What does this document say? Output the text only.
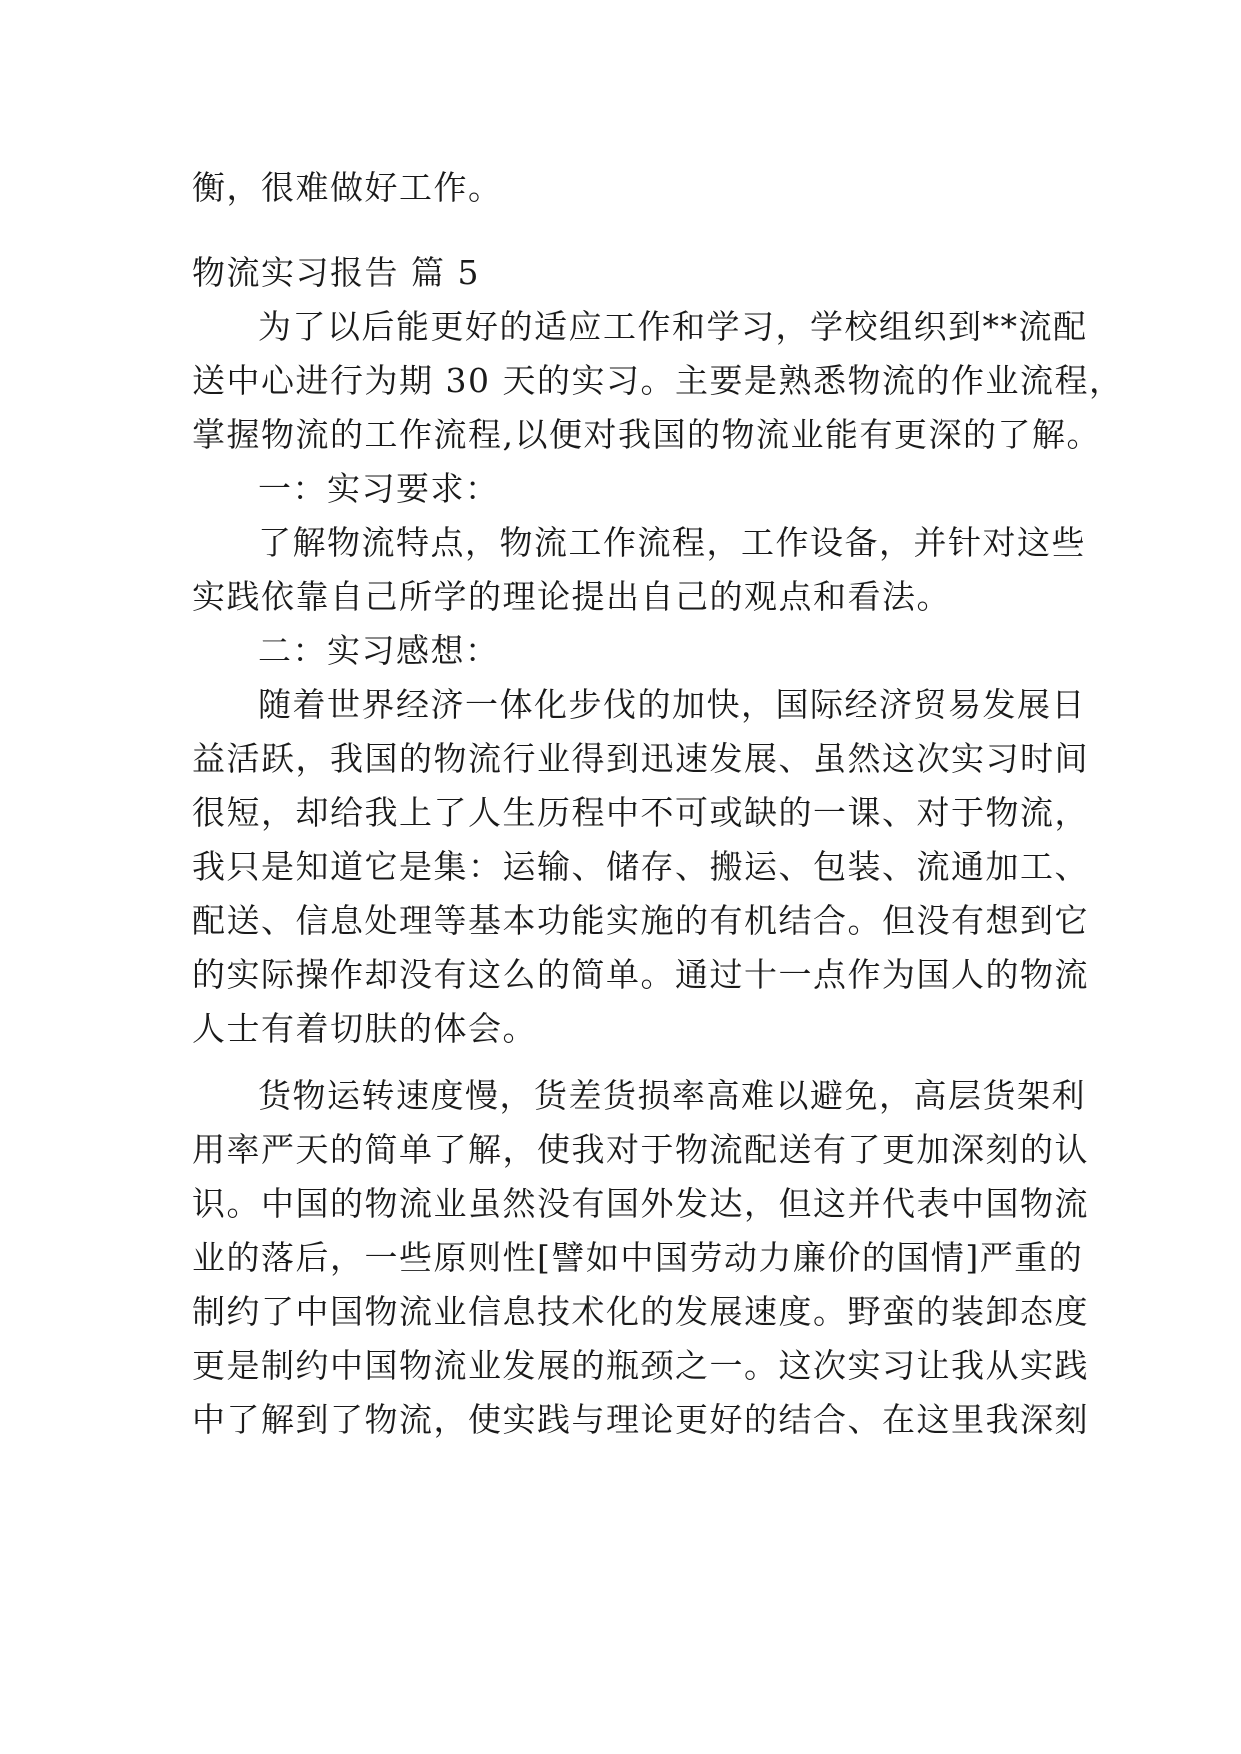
衡，很难做好工作。
物流实习报告 篇 5
为了以后能更好的适应工作和学习，学校组织到**流配
送中心进行为期 30 天的实习。主要是熟悉物流的作业流程，
掌握物流的工作流程,以便对我国的物流业能有更深的了解。
一：实习要求：
了解物流特点，物流工作流程，工作设备，并针对这些
实践依靠自己所学的理论提出自己的观点和看法。
二：实习感想：
随着世界经济一体化步伐的加快，国际经济贸易发展日
益活跃，我国的物流行业得到迅速发展、虽然这次实习时间
很短，却给我上了人生历程中不可或缺的一课、对于物流，
我只是知道它是集：运输、储存、搬运、包装、流通加工、
配送、信息处理等基本功能实施的有机结合。但没有想到它
的实际操作却没有这么的简单。通过十一点作为国人的物流
人士有着切肤的体会。
货物运转速度慢，货差货损率高难以避免，高层货架利
用率严天的简单了解，使我对于物流配送有了更加深刻的认
识。中国的物流业虽然没有国外发达，但这并代表中国物流
业的落后，一些原则性[譬如中国劳动力廉价的国情]严重的
制约了中国物流业信息技术化的发展速度。野蛮的装卸态度
更是制约中国物流业发展的瓶颈之一。这次实习让我从实践
中了解到了物流，使实践与理论更好的结合、在这里我深刻
